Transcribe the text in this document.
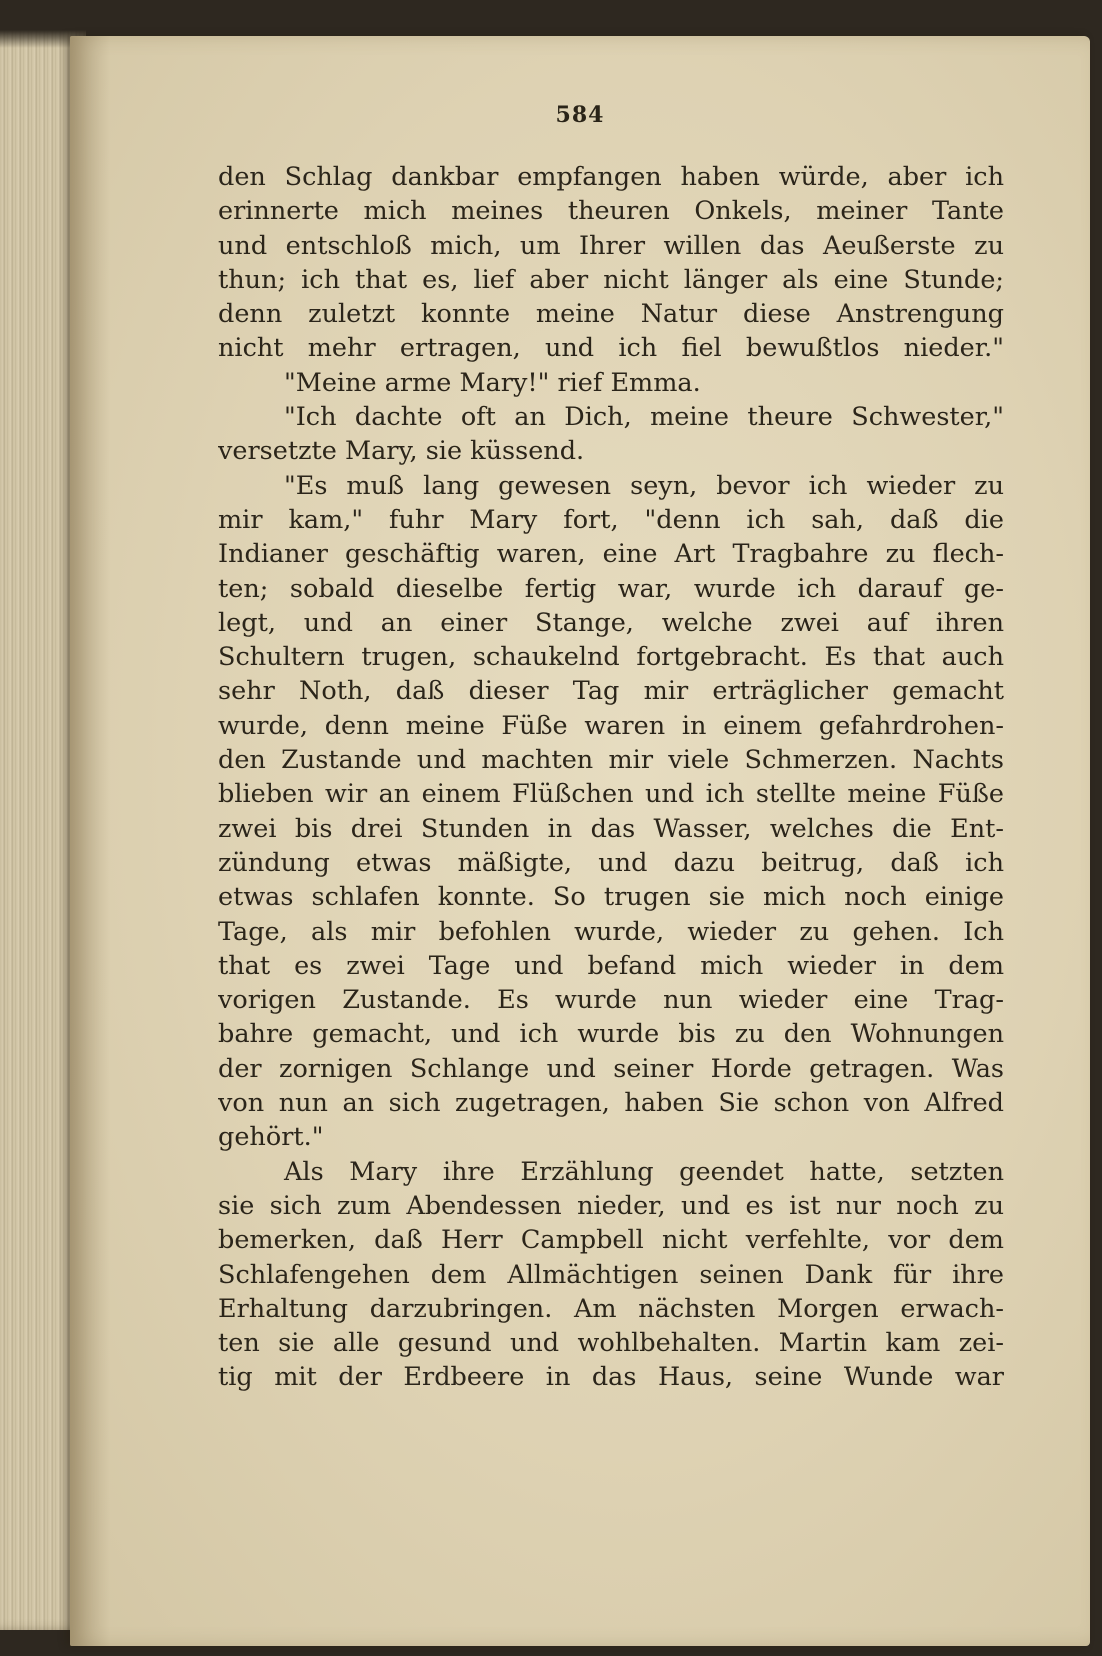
584
den Schlag dankbar empfangen haben würde, aber ich
erinnerte mich meines theuren Onkels, meiner Tante
und entschloß mich, um Ihrer willen das Aeußerste zu
thun; ich that es, lief aber nicht länger als eine Stunde;
denn zuletzt konnte meine Natur diese Anstrengung
nicht mehr ertragen, und ich fiel bewußtlos nieder."
"Meine arme Mary!" rief Emma.
"Ich dachte oft an Dich, meine theure Schwester,"
versetzte Mary, sie küssend.
"Es muß lang gewesen seyn, bevor ich wieder zu
mir kam," fuhr Mary fort, "denn ich sah, daß die
Indianer geschäftig waren, eine Art Tragbahre zu flech-
ten; sobald dieselbe fertig war, wurde ich darauf ge-
legt, und an einer Stange, welche zwei auf ihren
Schultern trugen, schaukelnd fortgebracht. Es that auch
sehr Noth, daß dieser Tag mir erträglicher gemacht
wurde, denn meine Füße waren in einem gefahrdrohen-
den Zustande und machten mir viele Schmerzen. Nachts
blieben wir an einem Flüßchen und ich stellte meine Füße
zwei bis drei Stunden in das Wasser, welches die Ent-
zündung etwas mäßigte, und dazu beitrug, daß ich
etwas schlafen konnte. So trugen sie mich noch einige
Tage, als mir befohlen wurde, wieder zu gehen. Ich
that es zwei Tage und befand mich wieder in dem
vorigen Zustande. Es wurde nun wieder eine Trag-
bahre gemacht, und ich wurde bis zu den Wohnungen
der zornigen Schlange und seiner Horde getragen. Was
von nun an sich zugetragen, haben Sie schon von Alfred
gehört."
Als Mary ihre Erzählung geendet hatte, setzten
sie sich zum Abendessen nieder, und es ist nur noch zu
bemerken, daß Herr Campbell nicht verfehlte, vor dem
Schlafengehen dem Allmächtigen seinen Dank für ihre
Erhaltung darzubringen. Am nächsten Morgen erwach-
ten sie alle gesund und wohlbehalten. Martin kam zei-
tig mit der Erdbeere in das Haus, seine Wunde war
